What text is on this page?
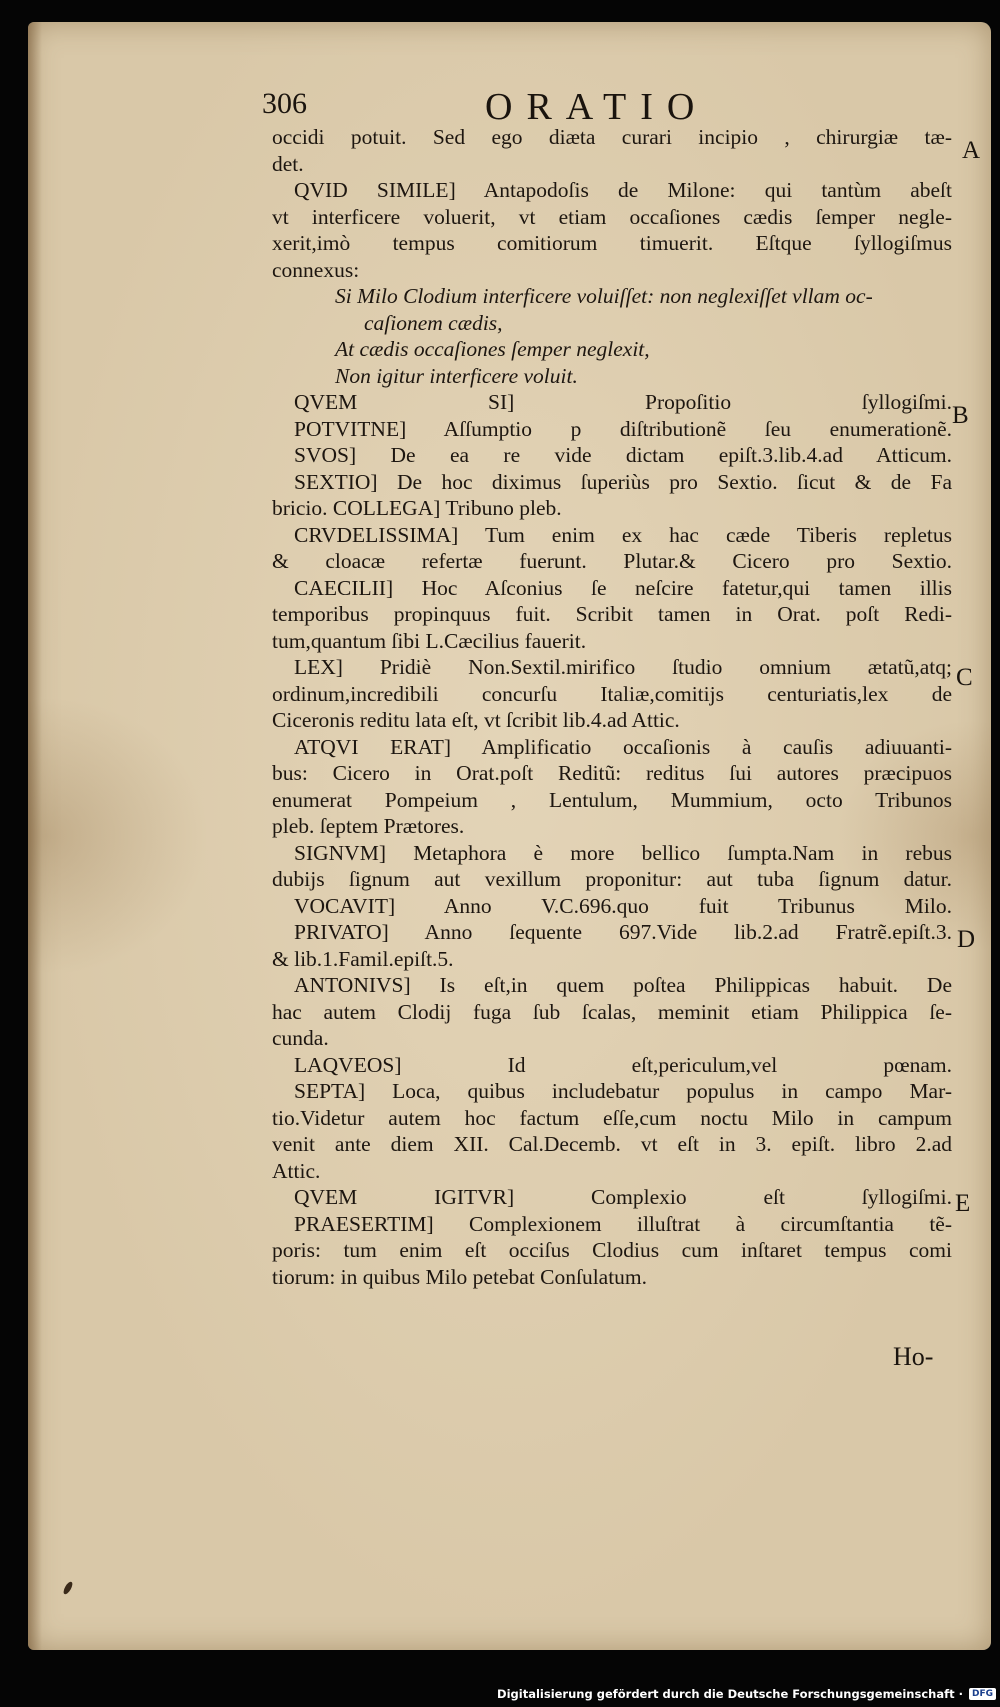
306	ORATIO
occidi potuit. Sed ego diæta curari incipio , chirurgiæ tæ-
det.
QVID SIMILE] Antapodoſis de Milone: qui tantùm abeſt
vt interficere voluerit, vt etiam occaſiones cædis ſemper negle-
xerit,imò tempus comitiorum timuerit. Eſtque ſyllogiſmus
connexus:
Si Milo Clodium interficere voluiſſet: non neglexiſſet vllam oc-
caſionem cædis,
At cædis occaſiones ſemper neglexit,
Non igitur interficere voluit.
QVEM SI] Propoſitio ſyllogiſmi.
POTVITNE] Aſſumptio p diſtributionẽ ſeu enumerationẽ.
SVOS] De ea re vide dictam epiſt.3.lib.4.ad Atticum.
SEXTIO] De hoc diximus ſuperiùs pro Sextio. ſicut & de Fa
bricio. COLLEGA] Tribuno pleb.
CRVDELISSIMA] Tum enim ex hac cæde Tiberis repletus
& cloacæ refertæ fuerunt. Plutar.& Cicero pro Sextio.
CAECILII] Hoc Aſconius ſe neſcire fatetur,qui tamen illis
temporibus propinquus fuit. Scribit tamen in Orat. poſt Redi-
tum,quantum ſibi L.Cæcilius fauerit.
LEX] Pridiè Non.Sextil.mirifico ſtudio omnium ætatũ,atq;
ordinum,incredibili concurſu Italiæ,comitijs centuriatis,lex de
Ciceronis reditu lata eſt, vt ſcribit lib.4.ad Attic.
ATQVI ERAT] Amplificatio occaſionis à cauſis adiuuanti-
bus: Cicero in Orat.poſt Reditũ: reditus ſui autores præcipuos
enumerat Pompeium , Lentulum, Mummium, octo Tribunos
pleb. ſeptem Prætores.
SIGNVM] Metaphora è more bellico ſumpta.Nam in rebus
dubijs ſignum aut vexillum proponitur: aut tuba ſignum datur.
VOCAVIT] Anno V.C.696.quo fuit Tribunus Milo.
PRIVATO] Anno ſequente 697.Vide lib.2.ad Fratrẽ.epiſt.3.
& lib.1.Famil.epiſt.5.
ANTONIVS] Is eſt,in quem poſtea Philippicas habuit. De
hac autem Clodij fuga ſub ſcalas, meminit etiam Philippica ſe-
cunda.
LAQVEOS] Id eſt,periculum,vel pœnam.
SEPTA] Loca, quibus includebatur populus in campo Mar-
tio.Videtur autem hoc factum eſſe,cum noctu Milo in campum
venit ante diem XII. Cal.Decemb. vt eſt in 3. epiſt. libro 2.ad
Attic.
QVEM IGITVR] Complexio eſt ſyllogiſmi.
PRAESERTIM] Complexionem illuſtrat à circumſtantia tẽ-
poris: tum enim eſt occiſus Clodius cum inſtaret tempus comi
tiorum: in quibus Milo petebat Conſulatum.
A
B
C
D
E
Ho-
Digitalisierung gefördert durch die Deutsche Forschungsgemeinschaft ·	DFG
